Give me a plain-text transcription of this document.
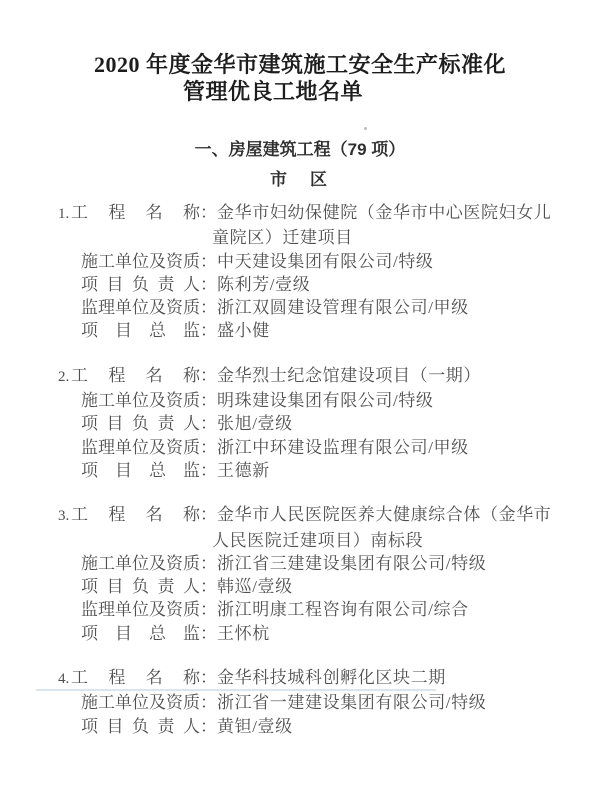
2020 年度金华市建筑施工安全生产标准化
管理优良工地名单
一、房屋建筑工程（79 项）
市　区
1. 工程名称 ： 金华市妇幼保健院（金华市中心医院妇女儿
童院区）迁建项目
施工单位及资质 ： 中天建设集团有限公司/特级
项目负责人 ： 陈利芳/壹级
监理单位及资质 ： 浙江双圆建设管理有限公司/甲级
项目总监 ： 盛小健
2. 工程名称 ： 金华烈士纪念馆建设项目（一期）
施工单位及资质 ： 明珠建设集团有限公司/特级
项目负责人 ： 张旭/壹级
监理单位及资质 ： 浙江中环建设监理有限公司/甲级
项目总监 ： 王德新
3. 工程名称 ： 金华市人民医院医养大健康综合体（金华市
人民医院迁建项目）南标段
施工单位及资质 ： 浙江省三建建设集团有限公司/特级
项目负责人 ： 韩巡/壹级
监理单位及资质 ： 浙江明康工程咨询有限公司/综合
项目总监 ： 王怀杭
4. 工程名称 ： 金华科技城科创孵化区块二期
施工单位及资质 ： 浙江省一建建设集团有限公司/特级
项目负责人 ： 黄钽/壹级
